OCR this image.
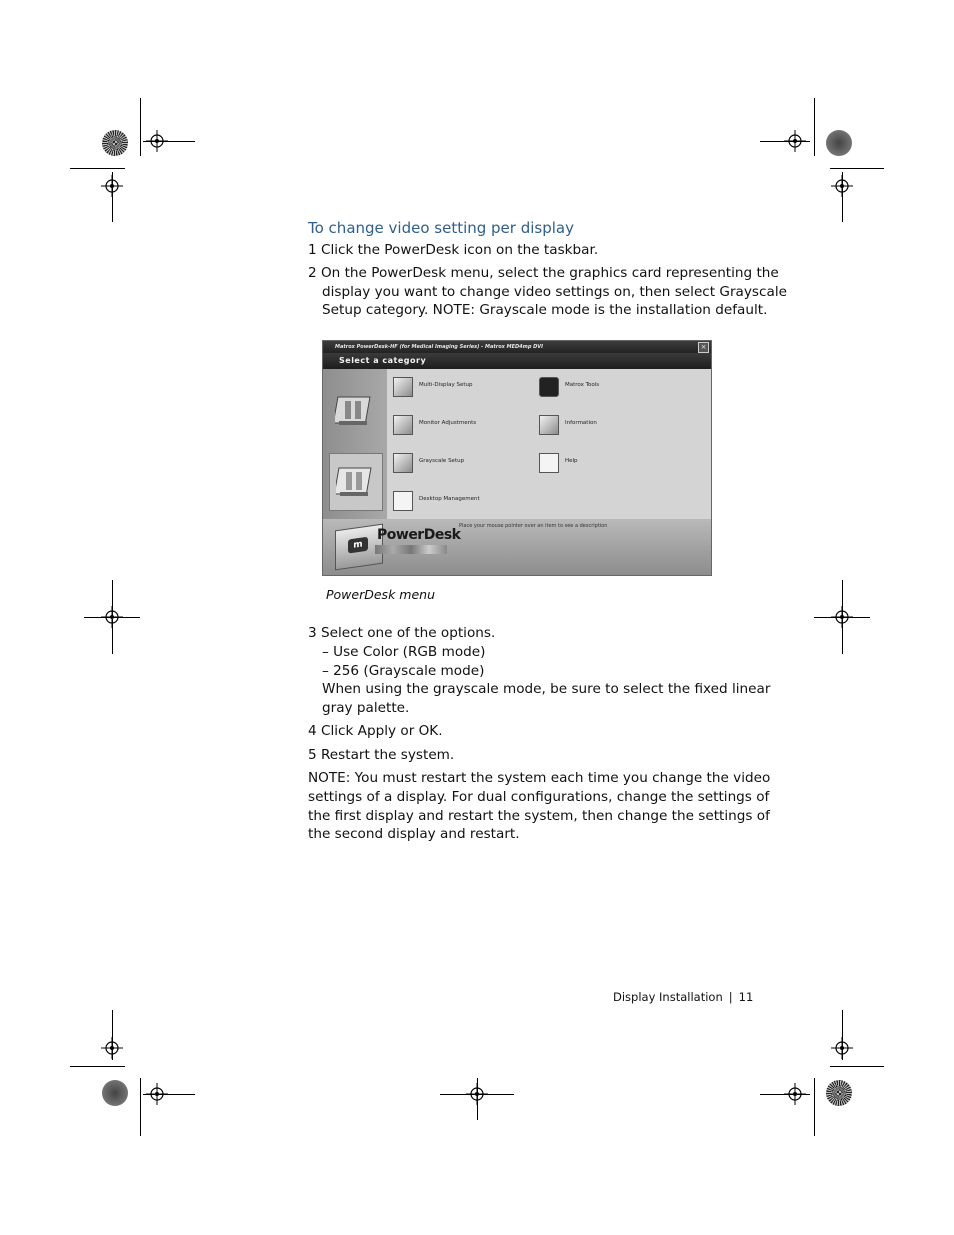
To change video setting per display
1 Click the PowerDesk icon on the taskbar.
2 On the PowerDesk menu, select the graphics card representing the
display you want to change video settings on, then select Grayscale
Setup category. NOTE: Grayscale mode is the installation default.
Matrox PowerDesk-HF (for Medical Imaging Series) - Matrox MED4mp DVI	×
Select a category
Multi-Display Setup	Matrox Tools
Monitor Adjustments	Information
Grayscale Setup	Help
Desktop Management
m
PowerDesk
Place your mouse pointer over an item to see a description
PowerDesk menu
3 Select one of the options.
– Use Color (RGB mode)
– 256 (Grayscale mode)
When using the grayscale mode, be sure to select the fixed linear
gray palette.
4 Click Apply or OK.
5 Restart the system.
NOTE: You must restart the system each time you change the video
settings of a display. For dual configurations, change the settings of
the first display and restart the system, then change the settings of
the second display and restart.
Display Installation | 11
